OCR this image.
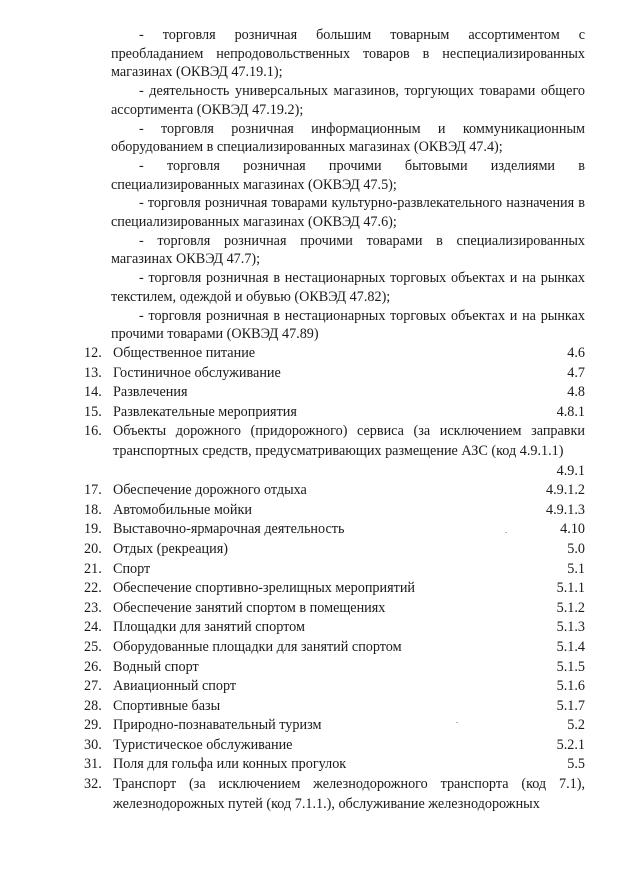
- торговля розничная большим товарным ассортиментом с преобладанием непродовольственных товаров в неспециализированных магазинах (ОКВЭД 47.19.1);

- деятельность универсальных магазинов, торгующих товарами общего ассортимента (ОКВЭД 47.19.2);

- торговля розничная информационным и коммуникационным оборудованием в специализированных магазинах (ОКВЭД 47.4);

- торговля розничная прочими бытовыми изделиями в специализированных магазинах (ОКВЭД 47.5);

- торговля розничная товарами культурно-развлекательного назначения в специализированных магазинах (ОКВЭД 47.6);

- торговля розничная прочими товарами в специализированных магазинах ОКВЭД 47.7);

- торговля розничная в нестационарных торговых объектах и на рынках текстилем, одеждой и обувью (ОКВЭД 47.82);

- торговля розничная в нестационарных торговых объектах и на рынках прочими товарами (ОКВЭД 47.89)

12. Общественное питание	4.6
13. Гостиничное обслуживание	4.7
14. Развлечения	4.8
15. Развлекательные мероприятия	4.8.1
16. Объекты дорожного (придорожного) сервиса (за исключением заправки транспортных средств, предусматривающих размещение АЗС (код 4.9.1.1)
4.9.1
17. Обеспечение дорожного отдыха	4.9.1.2
18. Автомобильные мойки	4.9.1.3
19. Выставочно-ярмарочная деятельность	4.10
20. Отдых (рекреация)	5.0
21. Спорт	5.1
22. Обеспечение спортивно-зрелищных мероприятий	5.1.1
23. Обеспечение занятий спортом в помещениях	5.1.2
24. Площадки для занятий спортом	5.1.3
25. Оборудованные площадки для занятий спортом	5.1.4
26. Водный спорт	5.1.5
27. Авиационный спорт	5.1.6
28. Спортивные базы	5.1.7
29. Природно-познавательный туризм	5.2
30. Туристическое обслуживание	5.2.1
31. Поля для гольфа или конных прогулок	5.5
32. Транспорт (за исключением железнодорожного транспорта (код 7.1), железнодорожных путей (код 7.1.1.), обслуживание железнодорожных
.
.
